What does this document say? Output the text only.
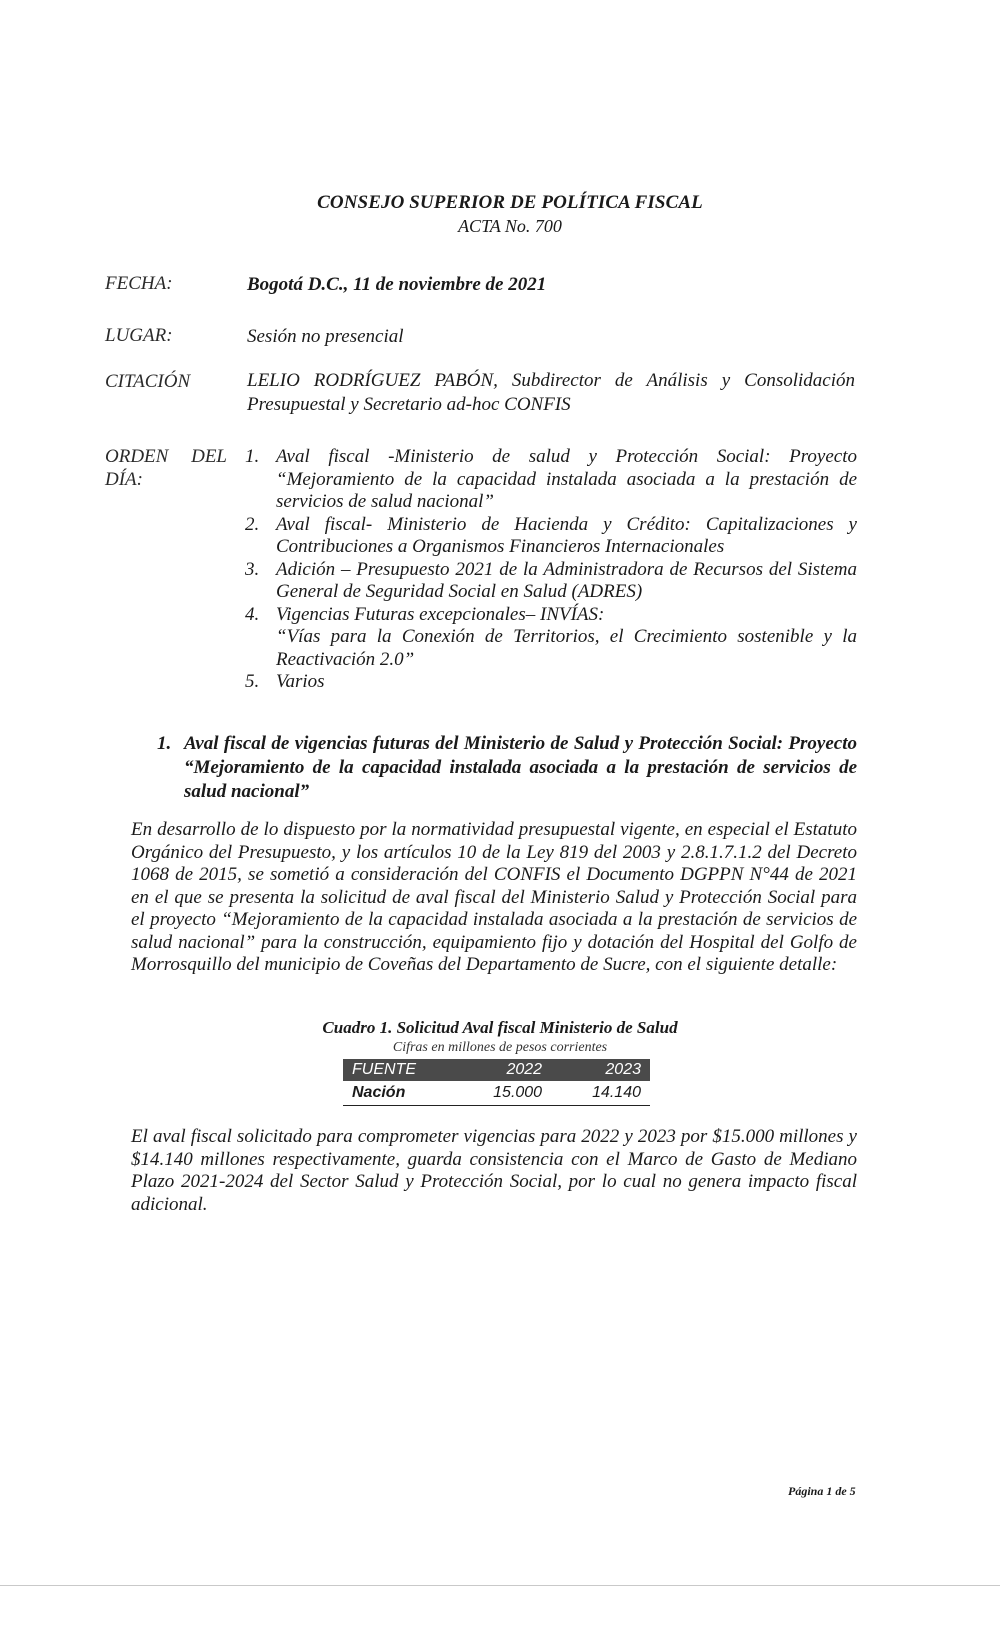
CONSEJO SUPERIOR DE POLÍTICA FISCAL
ACTA No. 700
FECHA:	Bogotá D.C., 11 de noviembre de 2021
LUGAR:	Sesión no presencial
CITACIÓN	LELIO RODRÍGUEZ PABÓN, Subdirector de Análisis y Consolidación Presupuestal y Secretario ad-hoc CONFIS
ORDEN DEL
DÍA:
1. Aval fiscal -Ministerio de salud y Protección Social: Proyecto “Mejoramiento de la capacidad instalada asociada a la prestación de servicios de salud nacional”
2. Aval fiscal- Ministerio de Hacienda y Crédito: Capitalizaciones y Contribuciones a Organismos Financieros Internacionales
3. Adición – Presupuesto 2021 de la Administradora de Recursos del Sistema General de Seguridad Social en Salud (ADRES)
4. Vigencias Futuras excepcionales– INVÍAS:
“Vías para la Conexión de Territorios, el Crecimiento sostenible y la Reactivación 2.0”
5. Varios
1. Aval fiscal de vigencias futuras del Ministerio de Salud y Protección Social: Proyecto “Mejoramiento de la capacidad instalada asociada a la prestación de servicios de salud nacional”
En desarrollo de lo dispuesto por la normatividad presupuestal vigente, en especial el Estatuto Orgánico del Presupuesto, y los artículos 10 de la Ley 819 del 2003 y 2.8.1.7.1.2 del Decreto 1068 de 2015, se sometió a consideración del CONFIS el Documento DGPPN N°44 de 2021 en el que se presenta la solicitud de aval fiscal del Ministerio Salud y Protección Social para el proyecto “Mejoramiento de la capacidad instalada asociada a la prestación de servicios de salud nacional” para la construcción, equipamiento fijo y dotación del Hospital del Golfo de Morrosquillo del municipio de Coveñas del Departamento de Sucre, con el siguiente detalle:
Cuadro 1. Solicitud Aval fiscal Ministerio de Salud
Cifras en millones de pesos corrientes
FUENTE	2022	2023
Nación	15.000	14.140
El aval fiscal solicitado para comprometer vigencias para 2022 y 2023 por $15.000 millones y $14.140 millones respectivamente, guarda consistencia con el Marco de Gasto de Mediano Plazo 2021-2024 del Sector Salud y Protección Social, por lo cual no genera impacto fiscal adicional.
Página 1 de 5
